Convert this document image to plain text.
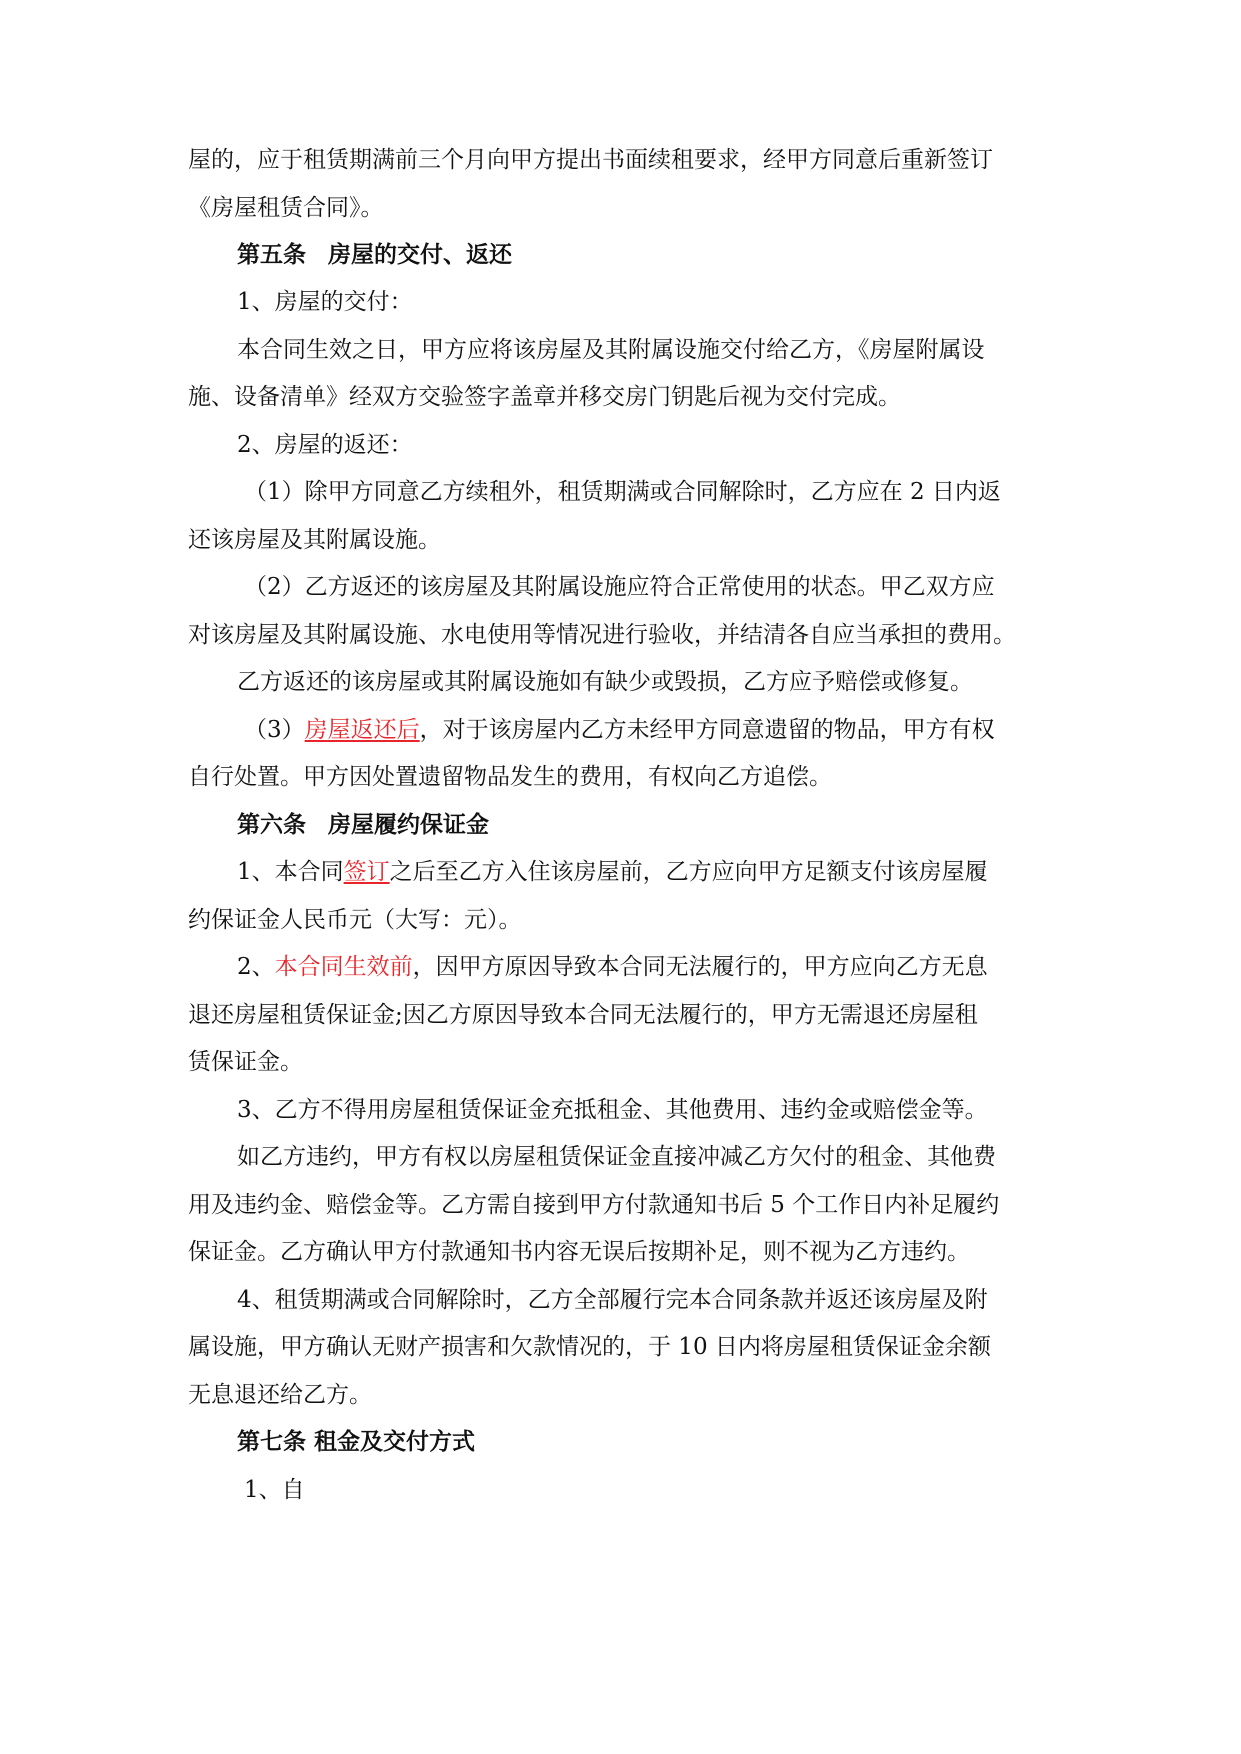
屋的，应于租赁期满前三个月向甲方提出书面续租要求，经甲方同意后重新签订
《房屋租赁合同》。
第五条 房屋的交付、返还
1、房屋的交付：
本合同生效之日，甲方应将该房屋及其附属设施交付给乙方，《房屋附属设
施、设备清单》经双方交验签字盖章并移交房门钥匙后视为交付完成。
2、房屋的返还：
（1）除甲方同意乙方续租外，租赁期满或合同解除时，乙方应在 2 日内返
还该房屋及其附属设施。
（2）乙方返还的该房屋及其附属设施应符合正常使用的状态。甲乙双方应
对该房屋及其附属设施、水电使用等情况进行验收，并结清各自应当承担的费用。
乙方返还的该房屋或其附属设施如有缺少或毁损，乙方应予赔偿或修复。
（3）房屋返还后，对于该房屋内乙方未经甲方同意遗留的物品，甲方有权
自行处置。甲方因处置遗留物品发生的费用，有权向乙方追偿。
第六条 房屋履约保证金
1、本合同签订之后至乙方入住该房屋前，乙方应向甲方足额支付该房屋履
约保证金人民币元（大写：元）。
2、本合同生效前，因甲方原因导致本合同无法履行的，甲方应向乙方无息
退还房屋租赁保证金;因乙方原因导致本合同无法履行的，甲方无需退还房屋租
赁保证金。
3、乙方不得用房屋租赁保证金充抵租金、其他费用、违约金或赔偿金等。
如乙方违约，甲方有权以房屋租赁保证金直接冲减乙方欠付的租金、其他费
用及违约金、赔偿金等。乙方需自接到甲方付款通知书后 5 个工作日内补足履约
保证金。乙方确认甲方付款通知书内容无误后按期补足，则不视为乙方违约。
4、租赁期满或合同解除时，乙方全部履行完本合同条款并返还该房屋及附
属设施，甲方确认无财产损害和欠款情况的，于 10 日内将房屋租赁保证金余额
无息退还给乙方。
第七条 租金及交付方式
1、自
